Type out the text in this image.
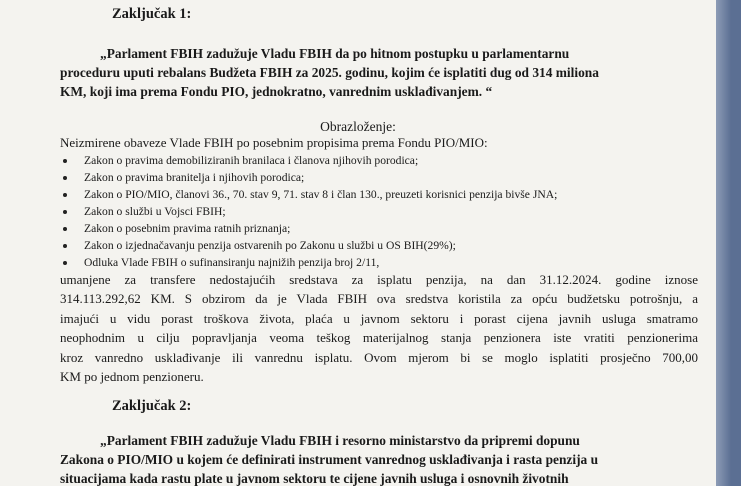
Zaključak 1:
„Parlament FBIH zadužuje Vladu FBIH da po hitnom postupku u parlamentarnu
proceduru uputi rebalans Budžeta FBIH za 2025. godinu, kojim će isplatiti dug od 314 miliona
KM, koji ima prema Fondu PIO, jednokratno, vanrednim usklađivanjem. “
Obrazloženje:
Neizmirene obaveze Vlade FBIH po posebnim propisima prema Fondu PIO/MIO:
Zakon o pravima demobiliziranih branilaca i članova njihovih porodica;
Zakon o pravima branitelja i njihovih porodica;
Zakon o PIO/MIO, članovi 36., 70. stav 9, 71. stav 8 i član 130., preuzeti korisnici penzija bivše JNA;
Zakon o službi u Vojsci FBIH;
Zakon o posebnim pravima ratnih priznanja;
Zakon o izjednačavanju penzija ostvarenih po Zakonu u službi u OS BIH(29%);
Odluka Vlade FBIH o sufinansiranju najnižih penzija broj 2/11,
umanjene za transfere nedostajućih sredstava za isplatu penzija, na dan 31.12.2024. godine iznose
314.113.292,62 KM. S obzirom da je Vlada FBIH ova sredstva koristila za opću budžetsku potrošnju, a
imajući u vidu porast troškova života, plaća u javnom sektoru i porast cijena javnih usluga smatramo
neophodnim u cilju popravljanja veoma teškog materijalnog stanja penzionera iste vratiti penzionerima
kroz vanredno usklađivanje ili vanrednu isplatu. Ovom mjerom bi se moglo isplatiti prosječno 700,00
KM po jednom penzioneru.
Zaključak 2:
„Parlament FBIH zadužuje Vladu FBIH i resorno ministarstvo da pripremi dopunu
Zakona o PIO/MIO u kojem će definirati instrument vanrednog usklađivanja i rasta penzija u
situacijama kada rastu plate u javnom sektoru te cijene javnih usluga i osnovnih životnih
